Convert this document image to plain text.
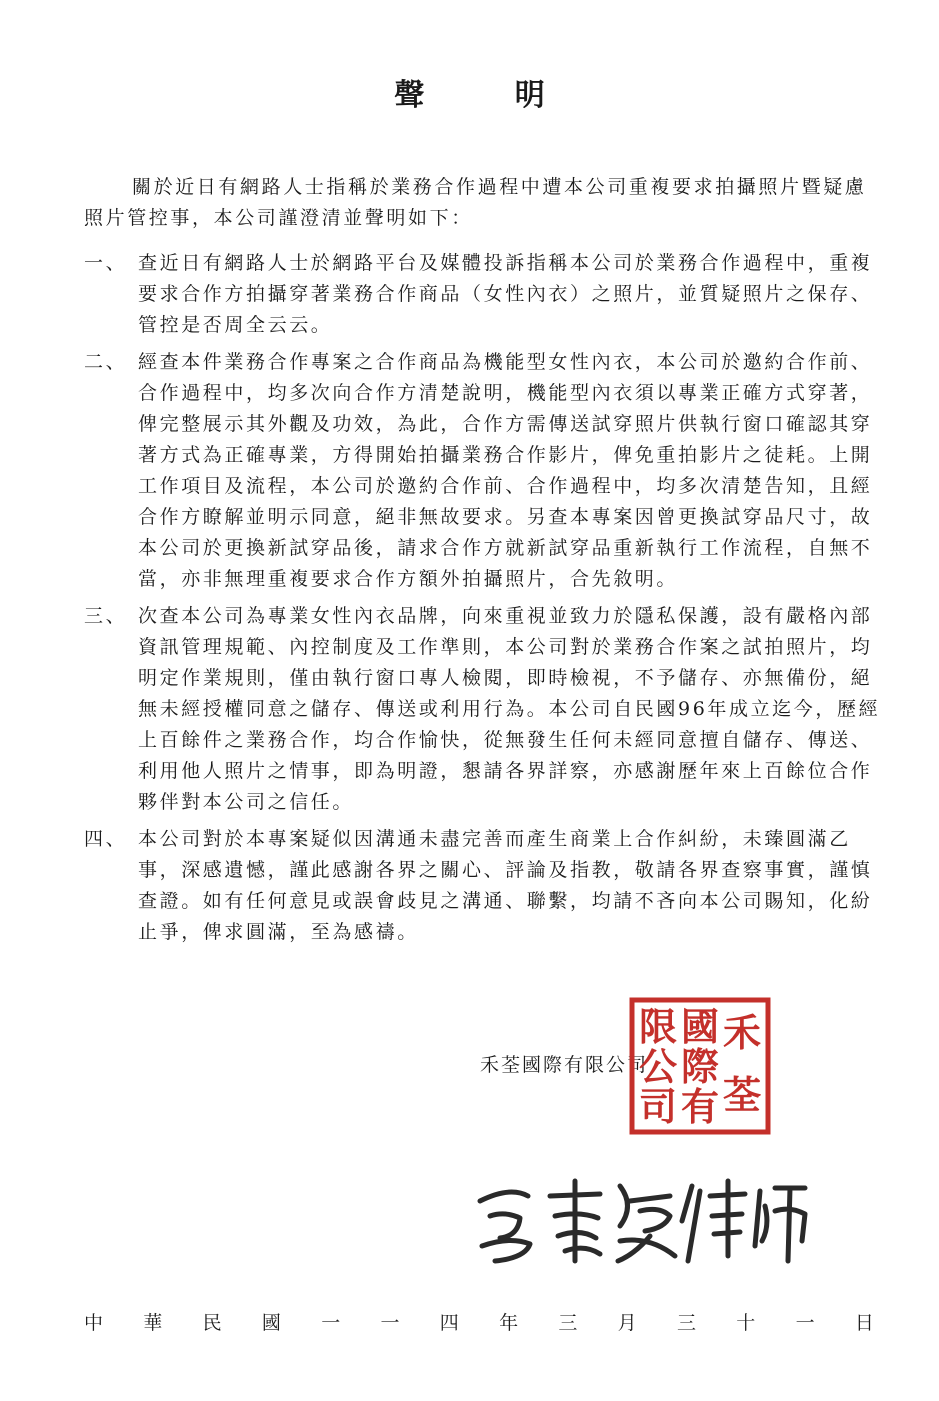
聲 明
關於近日有網路人士指稱於業務合作過程中遭本公司重複要求拍攝照片暨疑慮照片管控事，本公司謹澄清並聲明如下：
一、 查近日有網路人士於網路平台及媒體投訴指稱本公司於業務合作過程中，重複要求合作方拍攝穿著業務合作商品（女性內衣）之照片，並質疑照片之保存、管控是否周全云云。
二、 經查本件業務合作專案之合作商品為機能型女性內衣，本公司於邀約合作前、合作過程中，均多次向合作方清楚說明，機能型內衣須以專業正確方式穿著，俾完整展示其外觀及功效，為此，合作方需傳送試穿照片供執行窗口確認其穿著方式為正確專業，方得開始拍攝業務合作影片，俾免重拍影片之徒耗。上開工作項目及流程，本公司於邀約合作前、合作過程中，均多次清楚告知，且經合作方瞭解並明示同意，絕非無故要求。另查本專案因曾更換試穿品尺寸，故本公司於更換新試穿品後，請求合作方就新試穿品重新執行工作流程，自無不當，亦非無理重複要求合作方額外拍攝照片，合先敘明。
三、 次查本公司為專業女性內衣品牌，向來重視並致力於隱私保護，設有嚴格內部資訊管理規範、內控制度及工作準則，本公司對於業務合作案之試拍照片，均明定作業規則，僅由執行窗口專人檢閱，即時檢視，不予儲存、亦無備份，絕無未經授權同意之儲存、傳送或利用行為。本公司自民國96年成立迄今，歷經上百餘件之業務合作，均合作愉快，從無發生任何未經同意擅自儲存、傳送、利用他人照片之情事，即為明證，懇請各界詳察，亦感謝歷年來上百餘位合作夥伴對本公司之信任。
四、 本公司對於本專案疑似因溝通未盡完善而產生商業上合作糾紛，未臻圓滿乙事，深感遺憾，謹此感謝各界之關心、評論及指教，敬請各界查察事實，謹慎查證。如有任何意見或誤會歧見之溝通、聯繫，均請不吝向本公司賜知，化紛止爭，俾求圓滿，至為感禱。
禾荃國際有限公司
禾
荃
國
際
有
限
公
司
中 華 民 國 一 一 四 年 三 月 三 十 一 日
